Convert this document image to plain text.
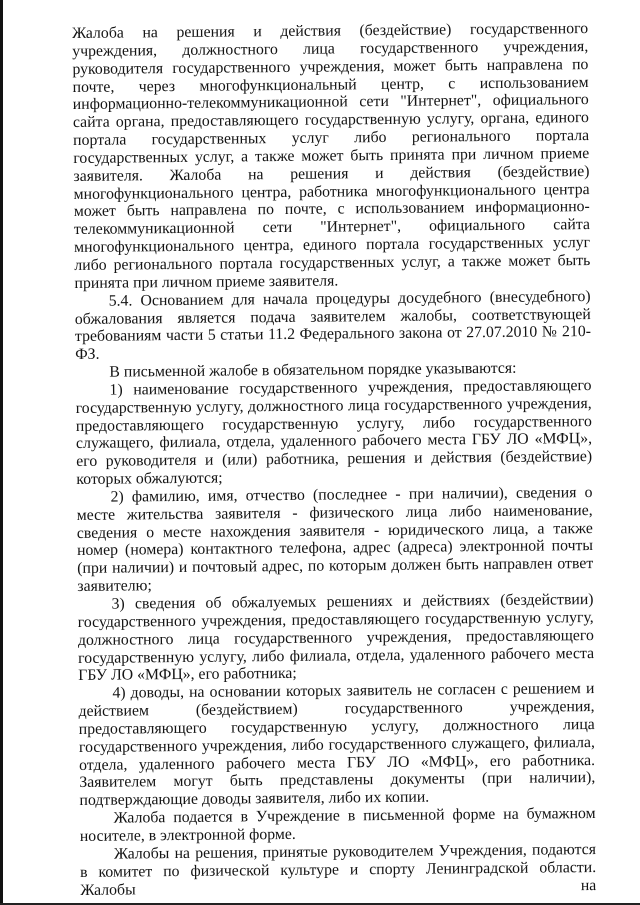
Жалоба на решения и действия (бездействие) государственного учреждения, должностного лица государственного учреждения, руководителя государственного учреждения, может быть направлена по почте, через многофункциональный центр, с использованием информационно-телекоммуникационной сети "Интернет", официального сайта органа, предоставляющего государственную услугу, органа, единого портала государственных услуг либо регионального портала государственных услуг, а также может быть принята при личном приеме заявителя. Жалоба на решения и действия (бездействие) многофункционального центра, работника многофункционального центра может быть направлена по почте, с использованием информационно-телекоммуникационной сети "Интернет", официального сайта многофункционального центра, единого портала государственных услуг либо регионального портала государственных услуг, а также может быть принята при личном приеме заявителя.

5.4. Основанием для начала процедуры досудебного (внесудебного) обжалования является подача заявителем жалобы, соответствующей требованиям части 5 статьи 11.2 Федерального закона от 27.07.2010 № 210-ФЗ.

В письменной жалобе в обязательном порядке указываются:

1) наименование государственного учреждения, предоставляющего государственную услугу, должностного лица государственного учреждения, предоставляющего государственную услугу, либо государственного служащего, филиала, отдела, удаленного рабочего места ГБУ ЛО «МФЦ», его руководителя и (или) работника, решения и действия (бездействие) которых обжалуются;

2) фамилию, имя, отчество (последнее - при наличии), сведения о месте жительства заявителя - физического лица либо наименование, сведения о месте нахождения заявителя - юридического лица, а также номер (номера) контактного телефона, адрес (адреса) электронной почты (при наличии) и почтовый адрес, по которым должен быть направлен ответ заявителю;

3) сведения об обжалуемых решениях и действиях (бездействии) государственного учреждения, предоставляющего государственную услугу, должностного лица государственного учреждения, предоставляющего государственную услугу, либо филиала, отдела, удаленного рабочего места ГБУ ЛО «МФЦ», его работника;

4) доводы, на основании которых заявитель не согласен с решением и действием (бездействием) государственного учреждения, предоставляющего государственную услугу, должностного лица государственного учреждения, либо государственного служащего, филиала, отдела, удаленного рабочего места ГБУ ЛО «МФЦ», его работника. Заявителем могут быть представлены документы (при наличии), подтверждающие доводы заявителя, либо их копии.

Жалоба подается в Учреждение в письменной форме на бумажном носителе, в электронной форме.

Жалобы на решения, принятые руководителем Учреждения, подаются в комитет по физической культуре и спорту Ленинградской области. Жалобы на
